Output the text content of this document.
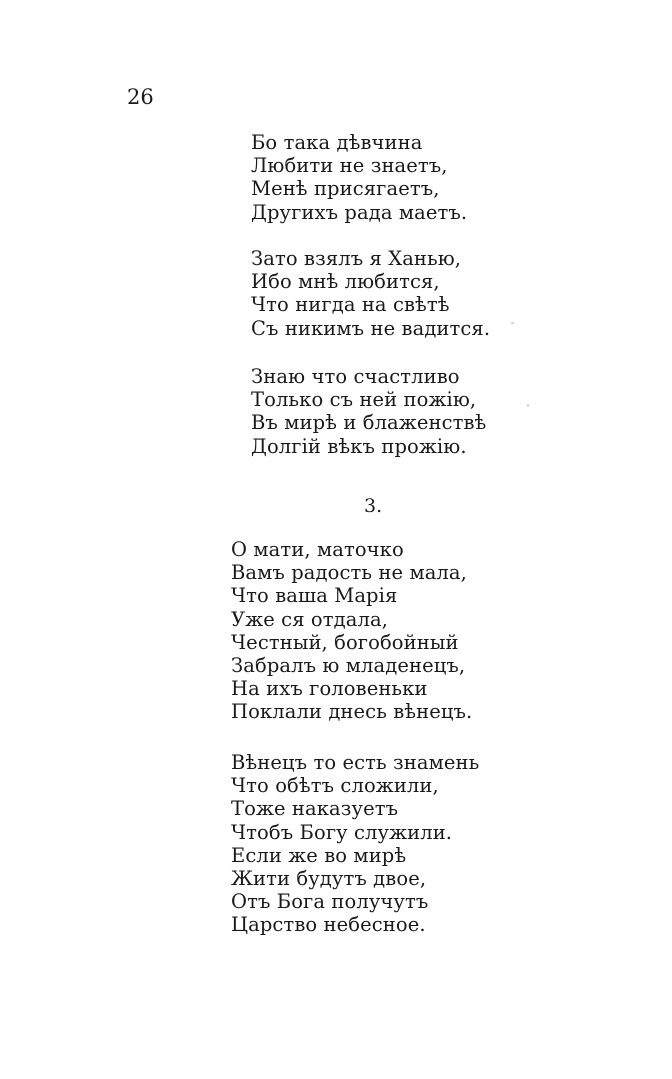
26
Бо така дѣвчина
Любити не знаетъ,
Менѣ присягаетъ,
Другихъ рада маетъ.
Зато взялъ я Ханью,
Ибо мнѣ любится,
Что нигда на свѣтѣ
Съ никимъ не вадится.
Знаю что счастливо
Только съ ней пожію,
Въ мирѣ и блаженствѣ
Долгій вѣкъ прожію.
3.
О мати, маточко
Вамъ радость не мала,
Что ваша Марія
Уже ся отдала,
Честный, богобойный
Забралъ ю младенецъ,
На ихъ головеньки
Поклали днесь вѣнецъ.
Вѣнецъ то есть знамень
Что обѣтъ сложили,
Тоже наказуетъ
Чтобъ Богу служили.
Если же во мирѣ
Жити будутъ двое,
Отъ Бога получутъ
Царство небесное.
